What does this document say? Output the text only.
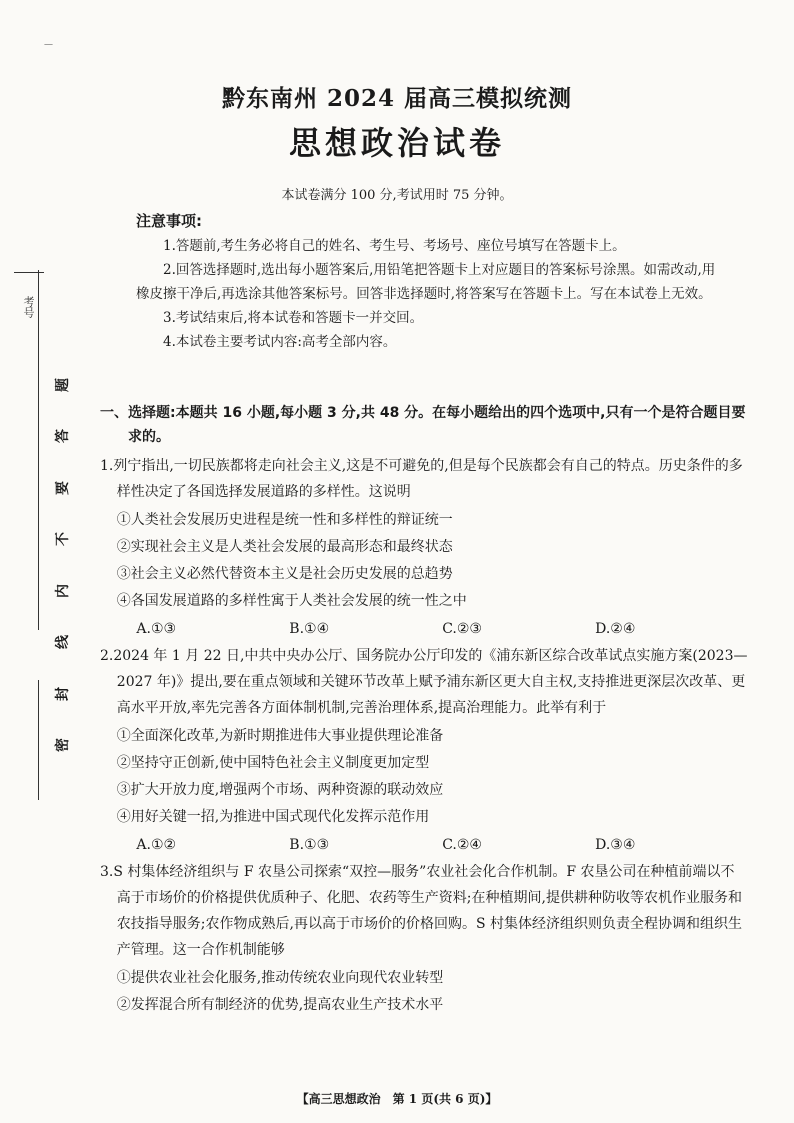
—
考号
题
答
要
不
内
线
封
密
黔东南州 2024 届高三模拟统测
思想政治试卷
本试卷满分 100 分,考试用时 75 分钟。
注意事项:

1.答题前,考生务必将自己的姓名、考生号、考场号、座位号填写在答题卡上。

2.回答选择题时,选出每小题答案后,用铅笔把答题卡上对应题目的答案标号涂黑。如需改动,用橡皮擦干净后,再选涂其他答案标号。回答非选择题时,将答案写在答题卡上。写在本试卷上无效。

3.考试结束后,将本试卷和答题卡一并交回。

4.本试卷主要考试内容:高考全部内容。

一、选择题:本题共 16 小题,每小题 3 分,共 48 分。在每小题给出的四个选项中,只有一个是符合题目要求的。

1.列宁指出,一切民族都将走向社会主义,这是不可避免的,但是每个民族都会有自己的特点。历史条件的多样性决定了各国选择发展道路的多样性。这说明

①人类社会发展历史进程是统一性和多样性的辩证统一

②实现社会主义是人类社会发展的最高形态和最终状态

③社会主义必然代替资本主义是社会历史发展的总趋势

④各国发展道路的多样性寓于人类社会发展的统一性之中

A.①③	B.①④	C.②③	D.②④

2.2024 年 1 月 22 日,中共中央办公厅、国务院办公厅印发的《浦东新区综合改革试点实施方案(2023—2027 年)》提出,要在重点领域和关键环节改革上赋予浦东新区更大自主权,支持推进更深层次改革、更高水平开放,率先完善各方面体制机制,完善治理体系,提高治理能力。此举有利于

①全面深化改革,为新时期推进伟大事业提供理论准备

②坚持守正创新,使中国特色社会主义制度更加定型

③扩大开放力度,增强两个市场、两种资源的联动效应

④用好关键一招,为推进中国式现代化发挥示范作用

A.①②	B.①③	C.②④	D.③④

3.S 村集体经济组织与 F 农垦公司探索“双控—服务”农业社会化合作机制。F 农垦公司在种植前端以不高于市场价的价格提供优质种子、化肥、农药等生产资料;在种植期间,提供耕种防收等农机作业服务和农技指导服务;农作物成熟后,再以高于市场价的价格回购。S 村集体经济组织则负责全程协调和组织生产管理。这一合作机制能够

①提供农业社会化服务,推动传统农业向现代农业转型

②发挥混合所有制经济的优势,提高农业生产技术水平

【高三思想政治　第 1 页(共 6 页)】
